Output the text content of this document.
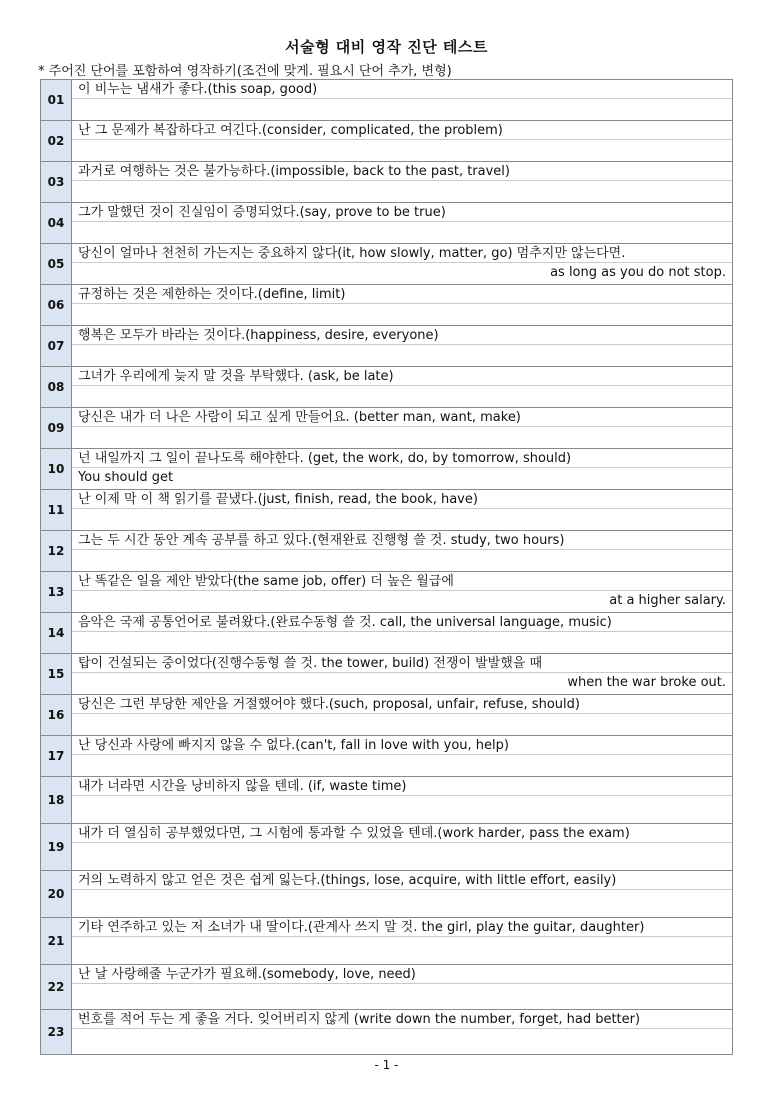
서술형 대비 영작 진단 테스트
* 주어진 단어를 포함하여 영작하기(조건에 맞게. 필요시 단어 추가, 변형)
01	이 비누는 냄새가 좋다.(this soap, good)

02	난 그 문제가 복잡하다고 여긴다.(consider, complicated, the problem)

03	과거로 여행하는 것은 불가능하다.(impossible, back to the past, travel)

04	그가 말했던 것이 진실임이 증명되었다.(say, prove to be true)

05	당신이 얼마나 천천히 가는지는 중요하지 않다(it, how slowly, matter, go) 멈추지만 않는다면.
as long as you do not stop.

06	규정하는 것은 제한하는 것이다.(define, limit)

07	행복은 모두가 바라는 것이다.(happiness, desire, everyone)

08	그녀가 우리에게 늦지 말 것을 부탁했다. (ask, be late)

09	당신은 내가 더 나은 사람이 되고 싶게 만들어요. (better man, want, make)

10	넌 내일까지 그 일이 끝나도록 해야한다. (get, the work, do, by tomorrow, should)
You should get

11	난 이제 막 이 책 읽기를 끝냈다.(just, finish, read, the book, have)

12	그는 두 시간 동안 계속 공부를 하고 있다.(현재완료 진행형 쓸 것. study, two hours)

13	난 똑같은 일을 제안 받았다(the same job, offer) 더 높은 월급에
at a higher salary.

14	음악은 국제 공통언어로 불려왔다.(완료수동형 쓸 것. call, the universal language, music)

15	탑이 건설되는 중이었다(진행수동형 쓸 것. the tower, build) 전쟁이 발발했을 때
when the war broke out.

16	당신은 그런 부당한 제안을 거절했어야 했다.(such, proposal, unfair, refuse, should)

17	난 당신과 사랑에 빠지지 않을 수 없다.(can't, fall in love with you, help)

18	내가 너라면 시간을 낭비하지 않을 텐데. (if, waste time)

19	내가 더 열심히 공부했었다면, 그 시험에 통과할 수 있었을 텐데.(work harder, pass the exam)

20	거의 노력하지 않고 얻은 것은 쉽게 잃는다.(things, lose, acquire, with little effort, easily)

21	기타 연주하고 있는 저 소녀가 내 딸이다.(관계사 쓰지 말 것. the girl, play the guitar, daughter)

22	난 날 사랑해줄 누군가가 필요해.(somebody, love, need)

23	번호를 적어 두는 게 좋을 거다. 잊어버리지 않게 (write down the number, forget, had better)
- 1 -
